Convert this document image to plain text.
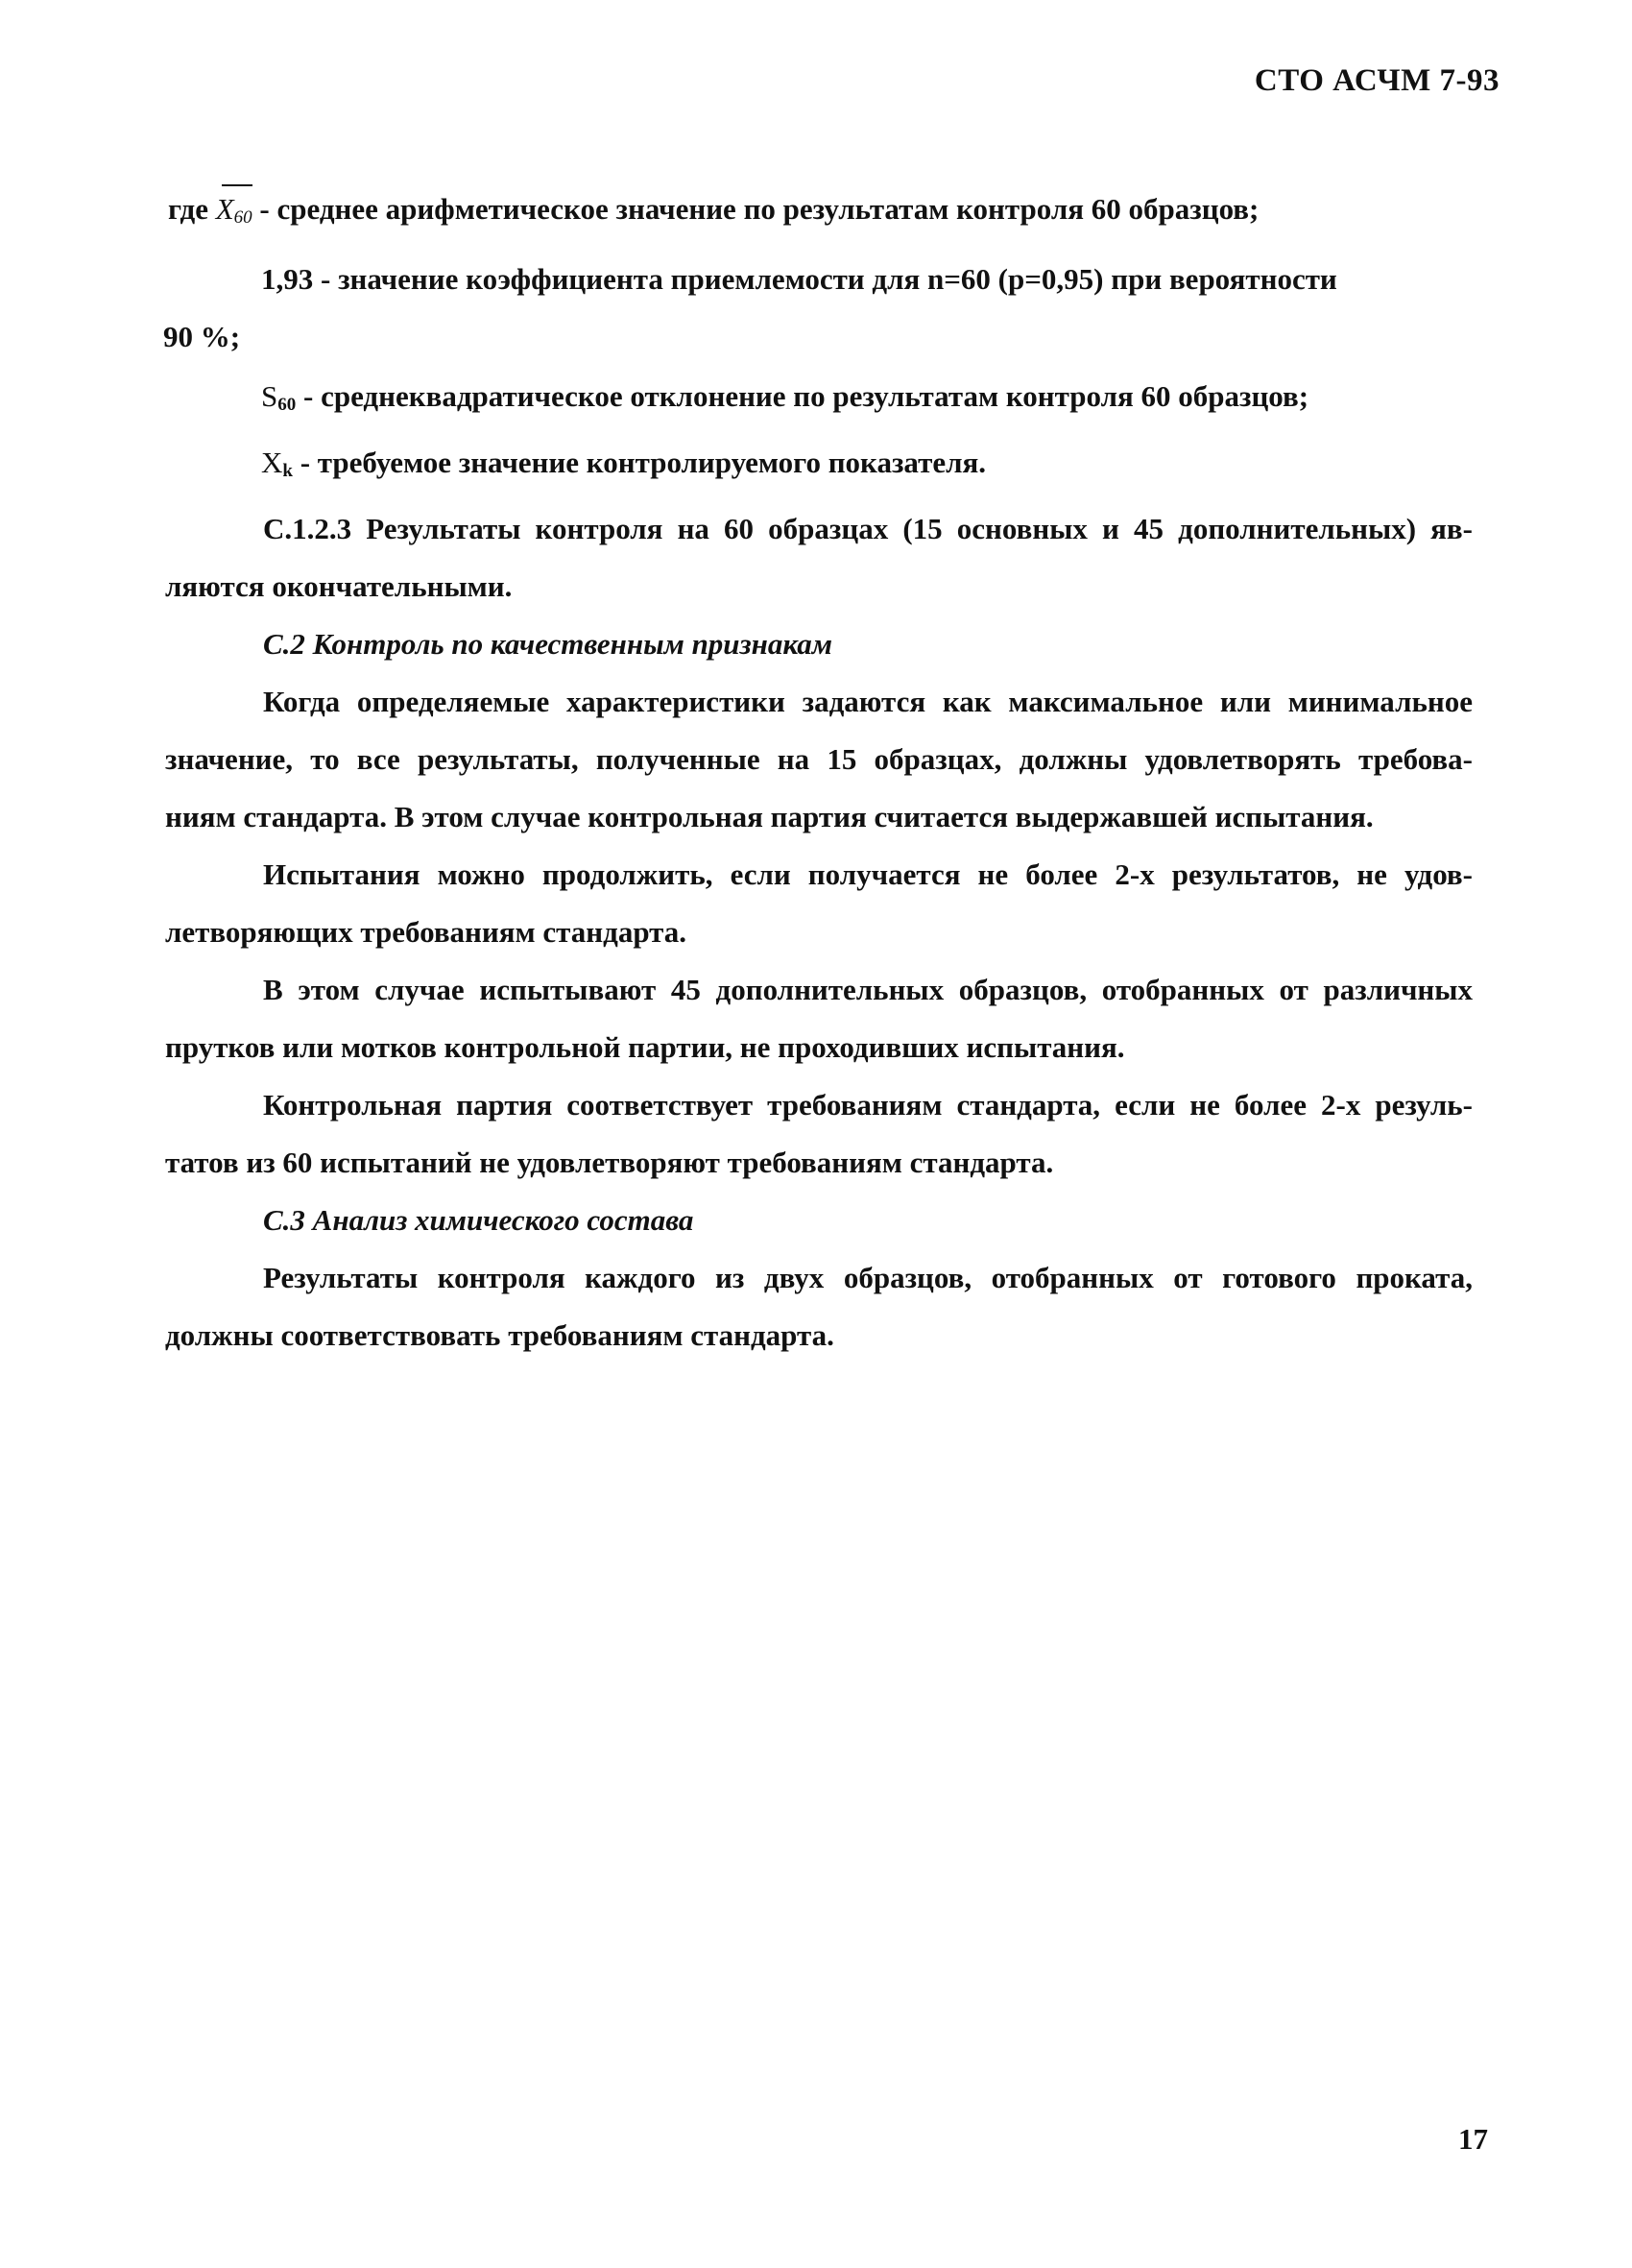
СТО АСЧМ 7-93

где $X_{60}$ - среднее арифметическое значение по результатам контроля 60 образцов;

1,93 - значение коэффициента приемлемости для n=60 (p=0,95) при вероятности

90 %;

$S_{60}$ - среднеквадратическое отклонение по результатам контроля 60 образцов;

$X_k$ - требуемое значение контролируемого показателя.

С.1.2.3 Результаты контроля на 60 образцах (15 основных и 45 дополнительных) яв-

ляются окончательными.

С.2 Контроль по качественным признакам

Когда определяемые характеристики задаются как максимальное или минимальное

значение, то все результаты, полученные на 15 образцах, должны удовлетворять требова-

ниям стандарта. В этом случае контрольная партия считается выдержавшей испытания.

Испытания можно продолжить, если получается не более 2-х результатов, не удов-

летворяющих требованиям стандарта.

В этом случае испытывают 45 дополнительных образцов, отобранных от различных

прутков или мотков контрольной партии, не проходивших испытания.

Контрольная партия соответствует требованиям стандарта, если не более 2-х резуль-

татов из 60 испытаний не удовлетворяют требованиям стандарта.

С.3 Анализ химического состава

Результаты контроля каждого из двух образцов, отобранных от готового проката,

должны соответствовать требованиям стандарта.

17
